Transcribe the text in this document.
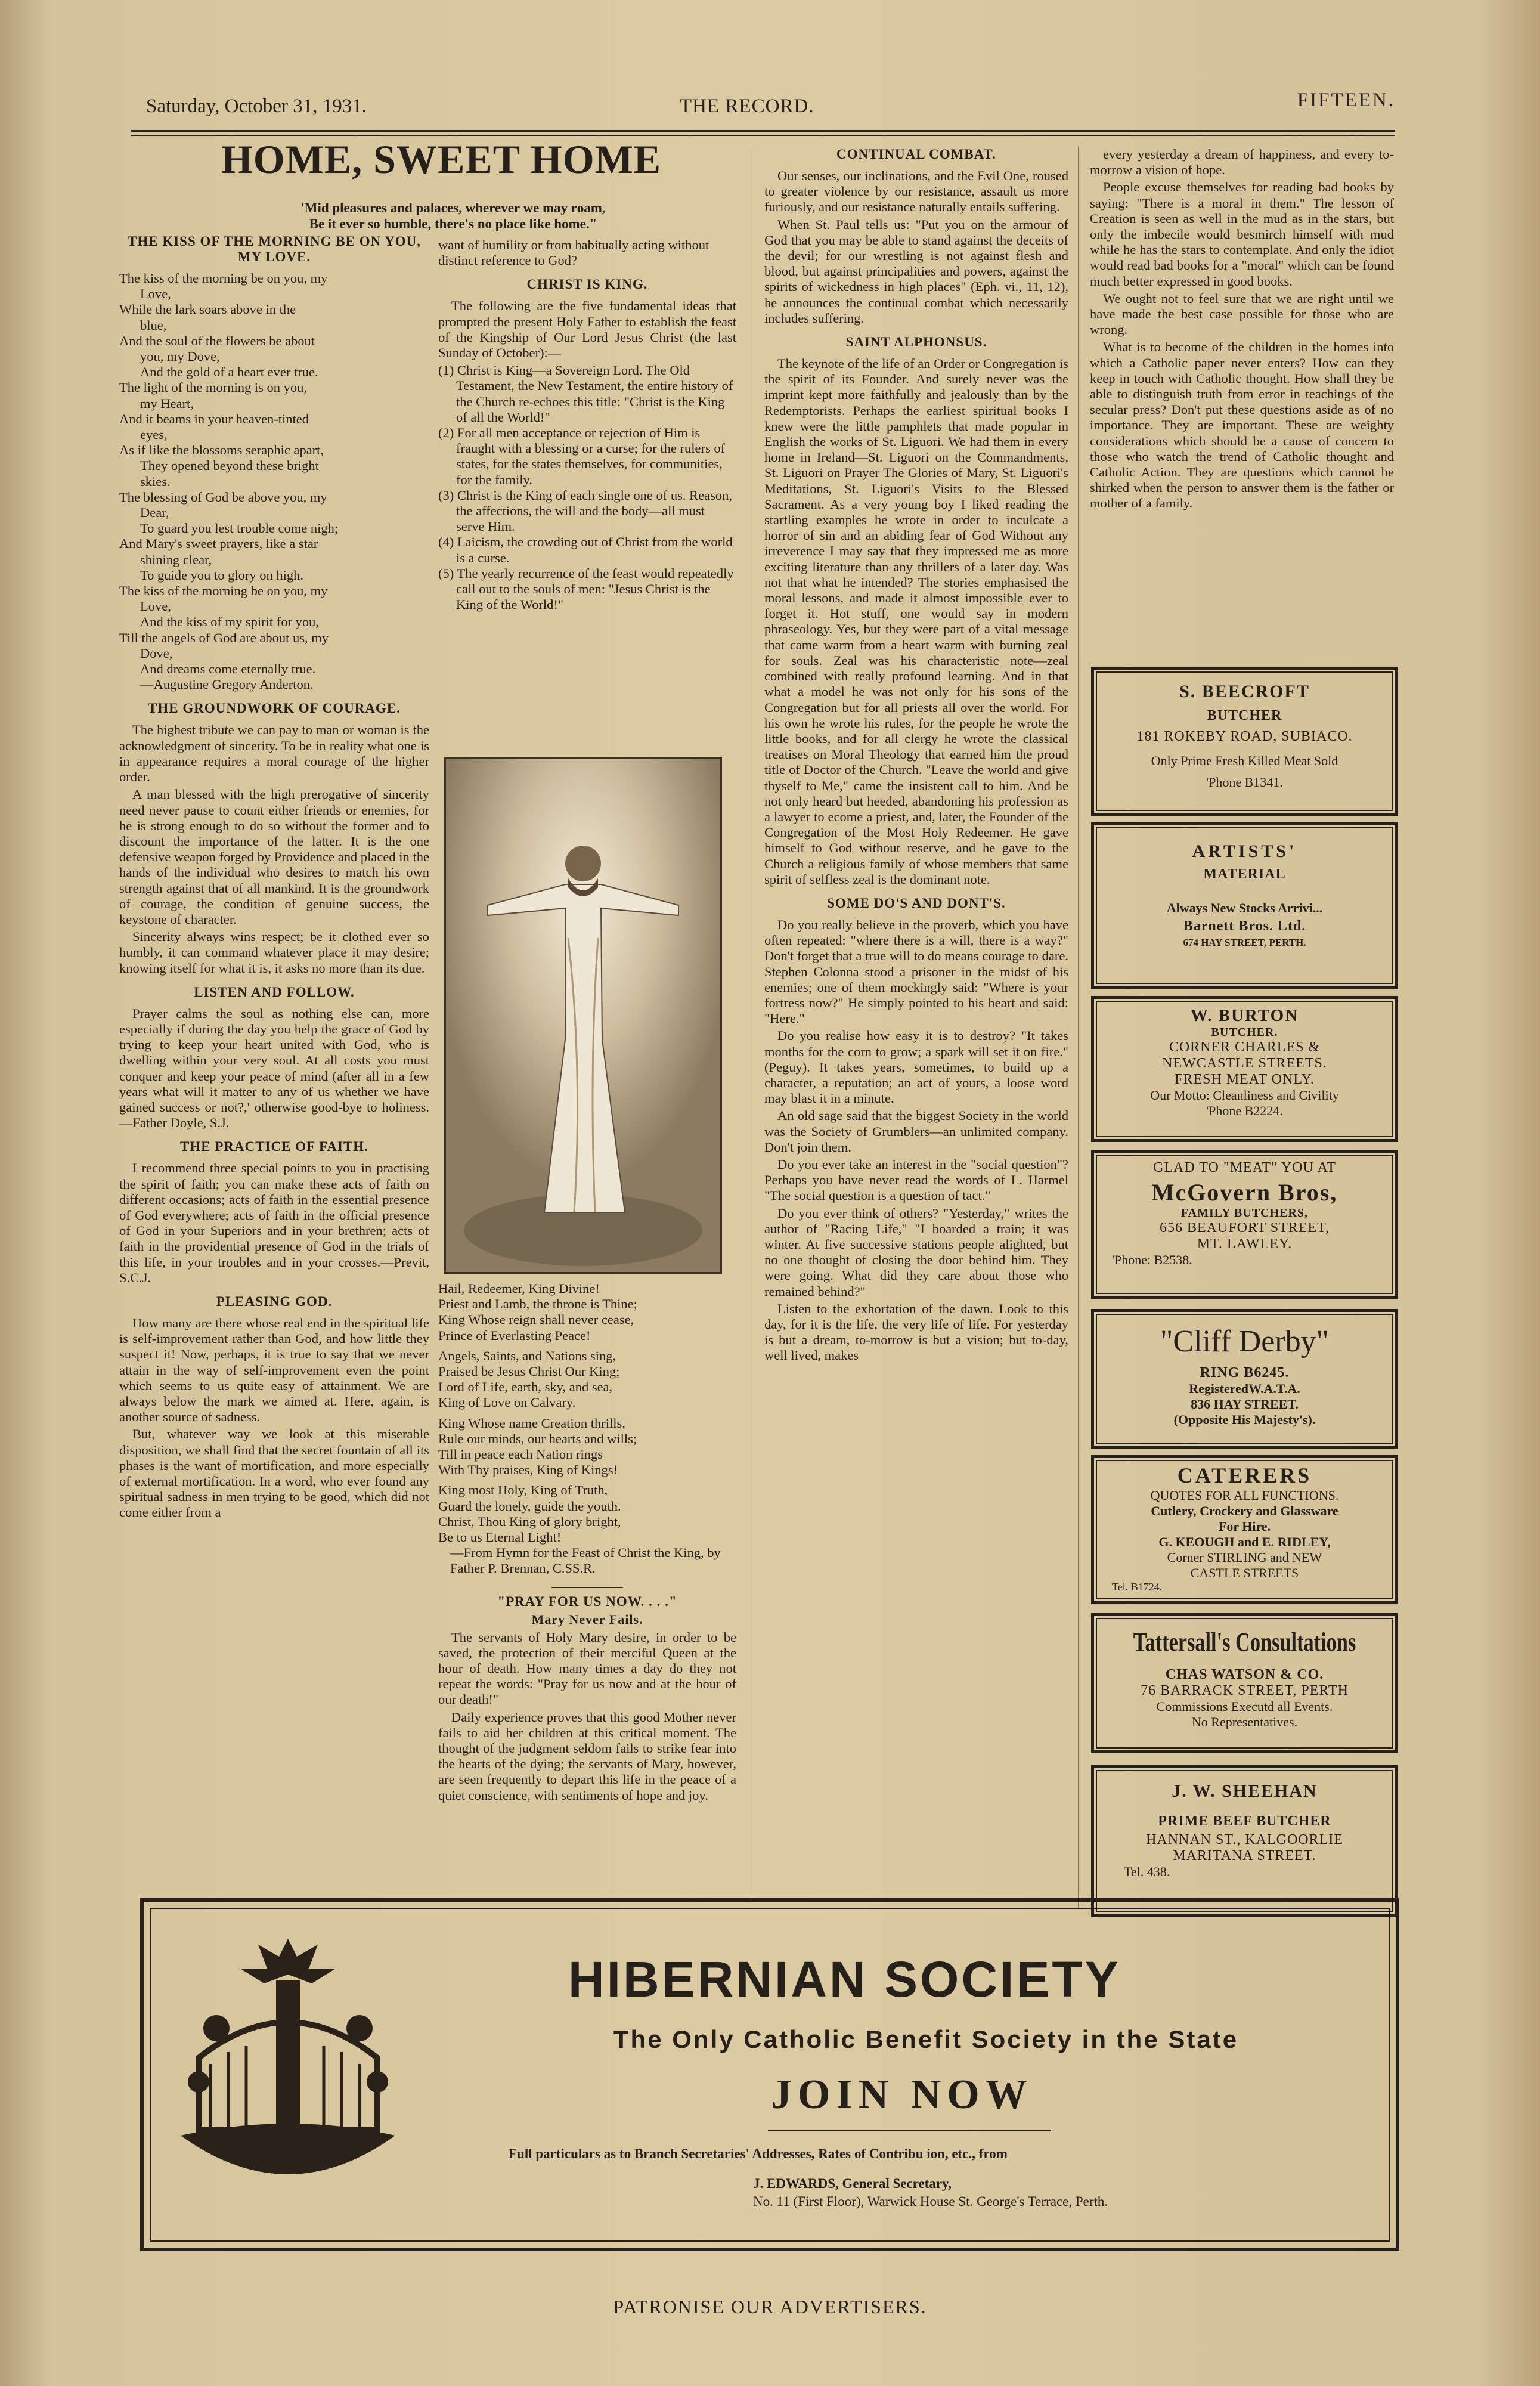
Saturday, October 31, 1931.	THE RECORD.	FIFTEEN.
HOME, SWEET HOME
'Mid pleasures and palaces, wherever we may roam,
Be it ever so humble, there's no place like home."
THE KISS OF THE MORNING BE ON YOU, MY LOVE.
The kiss of the morning be on you, my
Love,
While the lark soars above in the
blue,
And the soul of the flowers be about
you, my Dove,
And the gold of a heart ever true.
The light of the morning is on you,
my Heart,
And it beams in your heaven-tinted
eyes,
As if like the blossoms seraphic apart,
They opened beyond these bright
skies.
The blessing of God be above you, my
Dear,
To guard you lest trouble come nigh;
And Mary's sweet prayers, like a star
shining clear,
To guide you to glory on high.
The kiss of the morning be on you, my
Love,
And the kiss of my spirit for you,
Till the angels of God are about us, my
Dove,
And dreams come eternally true.
—Augustine Gregory Anderton.
THE GROUNDWORK OF COURAGE.

The highest tribute we can pay to man or woman is the acknowledgment of sincerity. To be in reality what one is in appearance requires a moral courage of the higher order.

A man blessed with the high prerogative of sincerity need never pause to count either friends or enemies, for he is strong enough to do so without the former and to discount the importance of the latter. It is the one defensive weapon forged by Providence and placed in the hands of the individual who desires to match his own strength against that of all mankind. It is the groundwork of courage, the condition of genuine success, the keystone of character.

Sincerity always wins respect; be it clothed ever so humbly, it can command whatever place it may desire; knowing itself for what it is, it asks no more than its due.

LISTEN AND FOLLOW.

Prayer calms the soul as nothing else can, more especially if during the day you help the grace of God by trying to keep your heart united with God, who is dwelling within your very soul. At all costs you must conquer and keep your peace of mind (after all in a few years what will it matter to any of us whether we have gained success or not?,' otherwise good-bye to holiness.—Father Doyle, S.J.

THE PRACTICE OF FAITH.

I recommend three special points to you in practising the spirit of faith; you can make these acts of faith on different occasions; acts of faith in the essential presence of God everywhere; acts of faith in the official presence of God in your Superiors and in your brethren; acts of faith in the providential presence of God in the trials of this life, in your troubles and in your crosses.—Previt, S.C.J.

PLEASING GOD.

How many are there whose real end in the spiritual life is self-improvement rather than God, and how little they suspect it! Now, perhaps, it is true to say that we never attain in the way of self-improvement even the point which seems to us quite easy of attainment. We are always below the mark we aimed at. Here, again, is another source of sadness.

But, whatever way we look at this miserable disposition, we shall find that the secret fountain of all its phases is the want of mortification, and more especially of external mortification. In a word, who ever found any spiritual sadness in men trying to be good, which did not come either from a

want of humility or from habitually acting without distinct reference to God?

CHRIST IS KING.

The following are the five fundamental ideas that prompted the present Holy Father to establish the feast of the Kingship of Our Lord Jesus Christ (the last Sunday of October):—

(1) Christ is King—a Sovereign Lord. The Old Testament, the New Testament, the entire history of the Church re-echoes this title: "Christ is the King of all the World!"

(2) For all men acceptance or rejection of Him is fraught with a blessing or a curse; for the rulers of states, for the states themselves, for communities, for the family.

(3) Christ is the King of each single one of us. Reason, the affections, the will and the body—all must serve Him.

(4) Laicism, the crowding out of Christ from the world is a curse.

(5) The yearly recurrence of the feast would repeatedly call out to the souls of men: "Jesus Christ is the King of the World!"

Hail, Redeemer, King Divine!
Priest and Lamb, the throne is Thine;
King Whose reign shall never cease,
Prince of Everlasting Peace!
Angels, Saints, and Nations sing,
Praised be Jesus Christ Our King;
Lord of Life, earth, sky, and sea,
King of Love on Calvary.
King Whose name Creation thrills,
Rule our minds, our hearts and wills;
Till in peace each Nation rings
With Thy praises, King of Kings!
King most Holy, King of Truth,
Guard the lonely, guide the youth.
Christ, Thou King of glory bright,
Be to us Eternal Light!

—From Hymn for the Feast of Christ the King, by Father P. Brennan, C.SS.R.

"PRAY FOR US NOW. . . ."
Mary Never Fails.

The servants of Holy Mary desire, in order to be saved, the protection of their merciful Queen at the hour of death. How many times a day do they not repeat the words: "Pray for us now and at the hour of our death!"

Daily experience proves that this good Mother never fails to aid her children at this critical moment. The thought of the judgment seldom fails to strike fear into the hearts of the dying; the servants of Mary, however, are seen frequently to depart this life in the peace of a quiet conscience, with sentiments of hope and joy.

CONTINUAL COMBAT.

Our senses, our inclinations, and the Evil One, roused to greater violence by our resistance, assault us more furiously, and our resistance naturally entails suffering.

When St. Paul tells us: "Put you on the armour of God that you may be able to stand against the deceits of the devil; for our wrestling is not against flesh and blood, but against principalities and powers, against the spirits of wickedness in high places" (Eph. vi., 11, 12), he announces the continual combat which necessarily includes suffering.

SAINT ALPHONSUS.

The keynote of the life of an Order or Congregation is the spirit of its Founder. And surely never was the imprint kept more faithfully and jealously than by the Redemptorists. Perhaps the earliest spiritual books I knew were the little pamphlets that made popular in English the works of St. Liguori. We had them in every home in Ireland—St. Liguori on the Commandments, St. Liguori on Prayer The Glories of Mary, St. Liguori's Meditations, St. Liguori's Visits to the Blessed Sacrament. As a very young boy I liked reading the startling examples he wrote in order to inculcate a horror of sin and an abiding fear of God Without any irreverence I may say that they impressed me as more exciting literature than any thrillers of a later day. Was not that what he intended? The stories emphasised the moral lessons, and made it almost impossible ever to forget it. Hot stuff, one would say in modern phraseology. Yes, but they were part of a vital message that came warm from a heart warm with burning zeal for souls. Zeal was his characteristic note—zeal combined with really profound learning. And in that what a model he was not only for his sons of the Congregation but for all priests all over the world. For his own he wrote his rules, for the people he wrote the little books, and for all clergy he wrote the classical treatises on Moral Theology that earned him the proud title of Doctor of the Church. "Leave the world and give thyself to Me," came the insistent call to him. And he not only heard but heeded, abandoning his profession as a lawyer to ecome a priest, and, later, the Founder of the Congregation of the Most Holy Redeemer. He gave himself to God without reserve, and he gave to the Church a religious family of whose members that same spirit of selfless zeal is the dominant note.

SOME DO'S AND DONT'S.

Do you really believe in the proverb, which you have often repeated: "where there is a will, there is a way?" Don't forget that a true will to do means courage to dare. Stephen Colonna stood a prisoner in the midst of his enemies; one of them mockingly said: "Where is your fortress now?" He simply pointed to his heart and said: "Here."

Do you realise how easy it is to destroy? "It takes months for the corn to grow; a spark will set it on fire." (Peguy). It takes years, sometimes, to build up a character, a reputation; an act of yours, a loose word may blast it in a minute.

An old sage said that the biggest Society in the world was the Society of Grumblers—an unlimited company. Don't join them.

Do you ever take an interest in the "social question"? Perhaps you have never read the words of L. Harmel "The social question is a question of tact."

Do you ever think of others? "Yesterday," writes the author of "Racing Life," "I boarded a train; it was winter. At five successive stations people alighted, but no one thought of closing the door behind him. They were going. What did they care about those who remained behind?"

Listen to the exhortation of the dawn. Look to this day, for it is the life, the very life of life. For yesterday is but a dream, to-morrow is but a vision; but to-day, well lived, makes

every yesterday a dream of happiness, and every to-morrow a vision of hope.

People excuse themselves for reading bad books by saying: "There is a moral in them." The lesson of Creation is seen as well in the mud as in the stars, but only the imbecile would besmirch himself with mud while he has the stars to contemplate. And only the idiot would read bad books for a "moral" which can be found much better expressed in good books.

We ought not to feel sure that we are right until we have made the best case possible for those who are wrong.

What is to become of the children in the homes into which a Catholic paper never enters? How can they keep in touch with Catholic thought. How shall they be able to distinguish truth from error in teachings of the secular press? Don't put these questions aside as of no importance. They are important. These are weighty considerations which should be a cause of concern to those who watch the trend of Catholic thought and Catholic Action. They are questions which cannot be shirked when the person to answer them is the father or mother of a family.

S. BEECROFT
BUTCHER
181 ROKEBY ROAD, SUBIACO.
Only Prime Fresh Killed Meat Sold
'Phone B1341.
ARTISTS'
MATERIAL
Always New Stocks Arrivi...
Barnett Bros. Ltd.
674 HAY STREET, PERTH.
W. BURTON
BUTCHER.
CORNER CHARLES &
NEWCASTLE STREETS.
FRESH MEAT ONLY.
Our Motto: Cleanliness and Civility
'Phone B2224.
GLAD TO "MEAT" YOU AT
McGovern Bros,
FAMILY BUTCHERS,
656 BEAUFORT STREET,
MT. LAWLEY.
'Phone: B2538.
"Cliff Derby"
RING B6245.
RegisteredW.A.T.A.
836 HAY STREET.
(Opposite His Majesty's).
CATERERS
QUOTES FOR ALL FUNCTIONS.
Cutlery, Crockery and Glassware
For Hire.
G. KEOUGH and E. RIDLEY,
Corner STIRLING and NEW
CASTLE STREETS
Tel. B1724.
Tattersall's Consultations
CHAS WATSON & CO.
76 BARRACK STREET, PERTH
Commissions Executd all Events.
No Representatives.
J. W. SHEEHAN
PRIME BEEF BUTCHER
HANNAN ST., KALGOORLIE
MARITANA STREET.
Tel. 438.
HIBERNIAN SOCIETY
The Only Catholic Benefit Society in the State
JOIN NOW
Full particulars as to Branch Secretaries' Addresses, Rates of Contribu ion, etc., from
J. EDWARDS, General Secretary,
No. 11 (First Floor), Warwick House St. George's Terrace, Perth.
PATRONISE OUR ADVERTISERS.
